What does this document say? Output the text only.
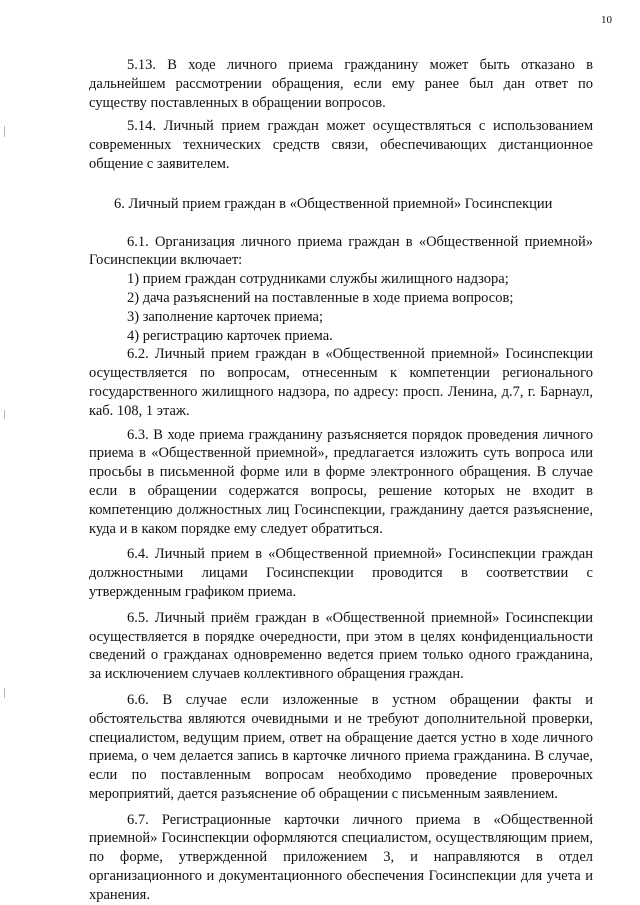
10

5.13. В ходе личного приема гражданину может быть отказано в дальнейшем рассмотрении обращения, если ему ранее был дан ответ по существу поставленных в обращении вопросов.

5.14. Личный прием граждан может осуществляться с использованием современных технических средств связи, обеспечивающих дистанционное общение с заявителем.

6. Личный прием граждан в «Общественной приемной» Госинспекции

6.1. Организация личного приема граждан в «Общественной приемной» Госинспекции включает:

1) прием граждан сотрудниками службы жилищного надзора;

2) дача разъяснений на поставленные в ходе приема вопросов;

3) заполнение карточек приема;

4) регистрацию карточек приема.

6.2. Личный прием граждан в «Общественной приемной» Госинспекции осуществляется по вопросам, отнесенным к компетенции регионального государственного жилищного надзора, по адресу: просп. Ленина, д.7, г. Барнаул, каб. 108, 1 этаж.

6.3. В ходе приема гражданину разъясняется порядок проведения личного приема в «Общественной приемной», предлагается изложить суть вопроса или просьбы в письменной форме или в форме электронного обращения. В случае если в обращении содержатся вопросы, решение которых не входит в компетенцию должностных лиц Госинспекции, гражданину дается разъяснение, куда и в каком порядке ему следует обратиться.

6.4. Личный прием в «Общественной приемной» Госинспекции граждан должностными лицами Госинспекции проводится в соответствии с утвержденным графиком приема.

6.5. Личный приём граждан в «Общественной приемной» Госинспекции осуществляется в порядке очередности, при этом в целях конфиденциальности сведений о гражданах одновременно ведется прием только одного гражданина, за исключением случаев коллективного обращения граждан.

6.6. В случае если изложенные в устном обращении факты и обстоятельства являются очевидными и не требуют дополнительной проверки, специалистом, ведущим прием, ответ на обращение дается устно в ходе личного приема, о чем делается запись в карточке личного приема гражданина. В случае, если по поставленным вопросам необходимо проведение проверочных мероприятий, дается разъяснение об обращении с письменным заявлением.

6.7. Регистрационные карточки личного приема в «Общественной приемной» Госинспекции оформляются специалистом, осуществляющим прием, по форме, утвержденной приложением 3, и направляются в отдел организационного и документационного обеспечения Госинспекции для учета и хранения.
